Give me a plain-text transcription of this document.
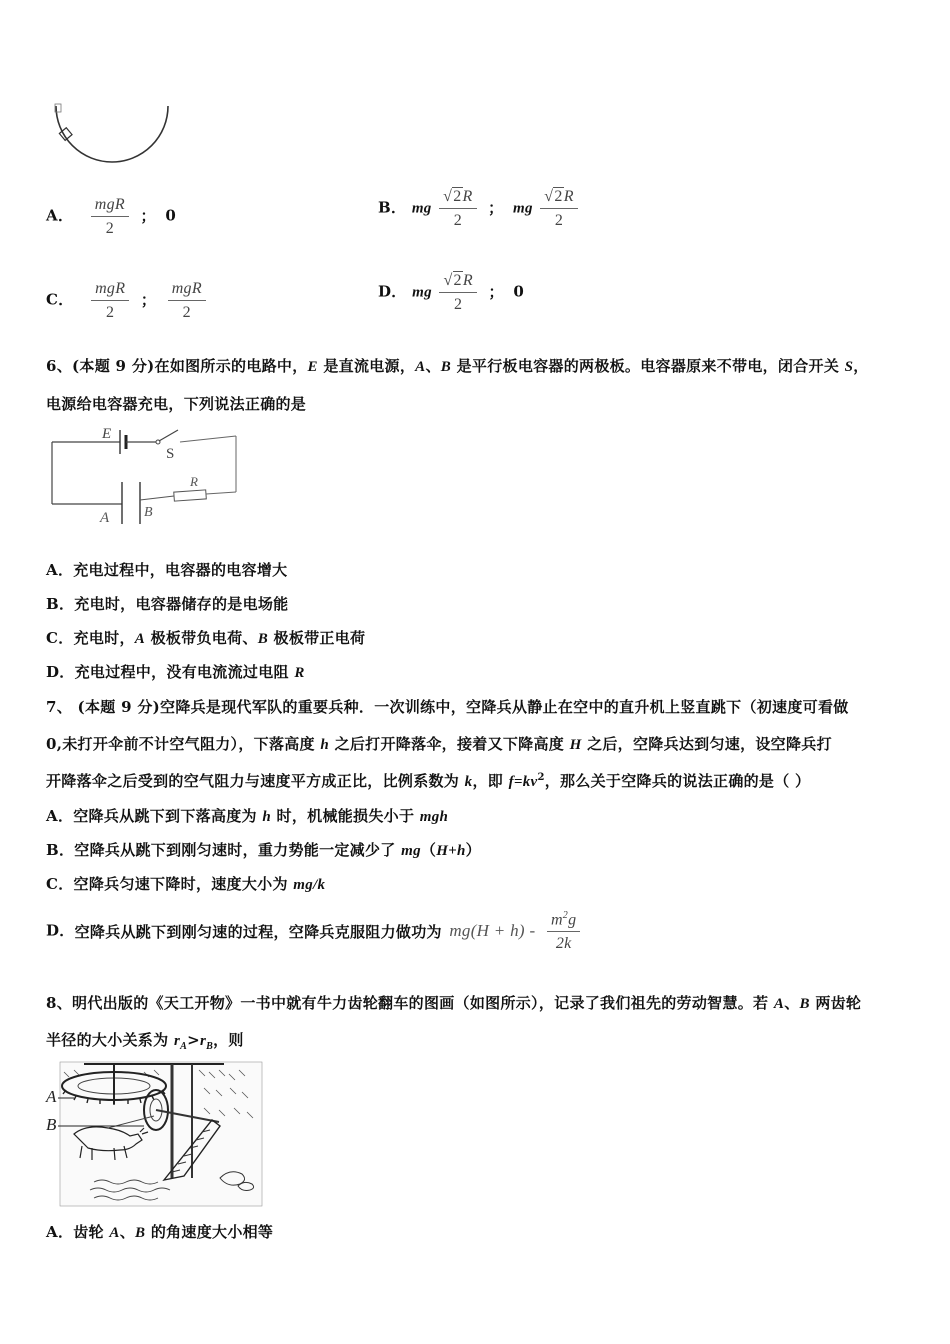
A． $\frac{\text{mgR}}{2}$ ； 0	B． mg $\frac{√2R}{2}$ ； mg $\frac{√2R}{2}$
C． $\frac{\text{mgR}}{2}$ ； $\frac{\text{mgR}}{2}$	D． mg $\frac{√2R}{2}$ ； 0
6、(本题 9 分)在如图所示的电路中，E 是直流电源，A、B 是平行板电容器的两极板。电容器原来不带电，闭合开关 S，
电源给电容器充电，下列说法正确的是
E
S
R
A B
A．充电过程中，电容器的电容增大
B．充电时，电容器储存的是电场能
C．充电时，A 极板带负电荷、B 极板带正电荷
D．充电过程中，没有电流流过电阻 R
7、 (本题 9 分)空降兵是现代军队的重要兵种．一次训练中，空降兵从静止在空中的直升机上竖直跳下（初速度可看做
0,未打开伞前不计空气阻力），下落高度 h 之后打开降落伞，接着又下降高度 H 之后，空降兵达到匀速，设空降兵打
开降落伞之后受到的空气阻力与速度平方成正比，比例系数为 k，即 $f=kv^2$，那么关于空降兵的说法正确的是（ ）
A．空降兵从跳下到下落高度为 h 时，机械能损失小于 mgh
B．空降兵从跳下到刚匀速时，重力势能一定减少了 mg（H+h）
C．空降兵匀速下降时，速度大小为 mg/k
D．空降兵从跳下到刚匀速的过程，空降兵克服阻力做功为 $mg(H + h) - \frac{m^2g}{2k}$
8、明代出版的《天工开物》一书中就有牛力齿轮翻车的图画（如图所示），记录了我们祖先的劳动智慧。若 A、B 两齿轮
半径的大小关系为 $r_A>r_B$，则
A
B
A．齿轮 A、B 的角速度大小相等
